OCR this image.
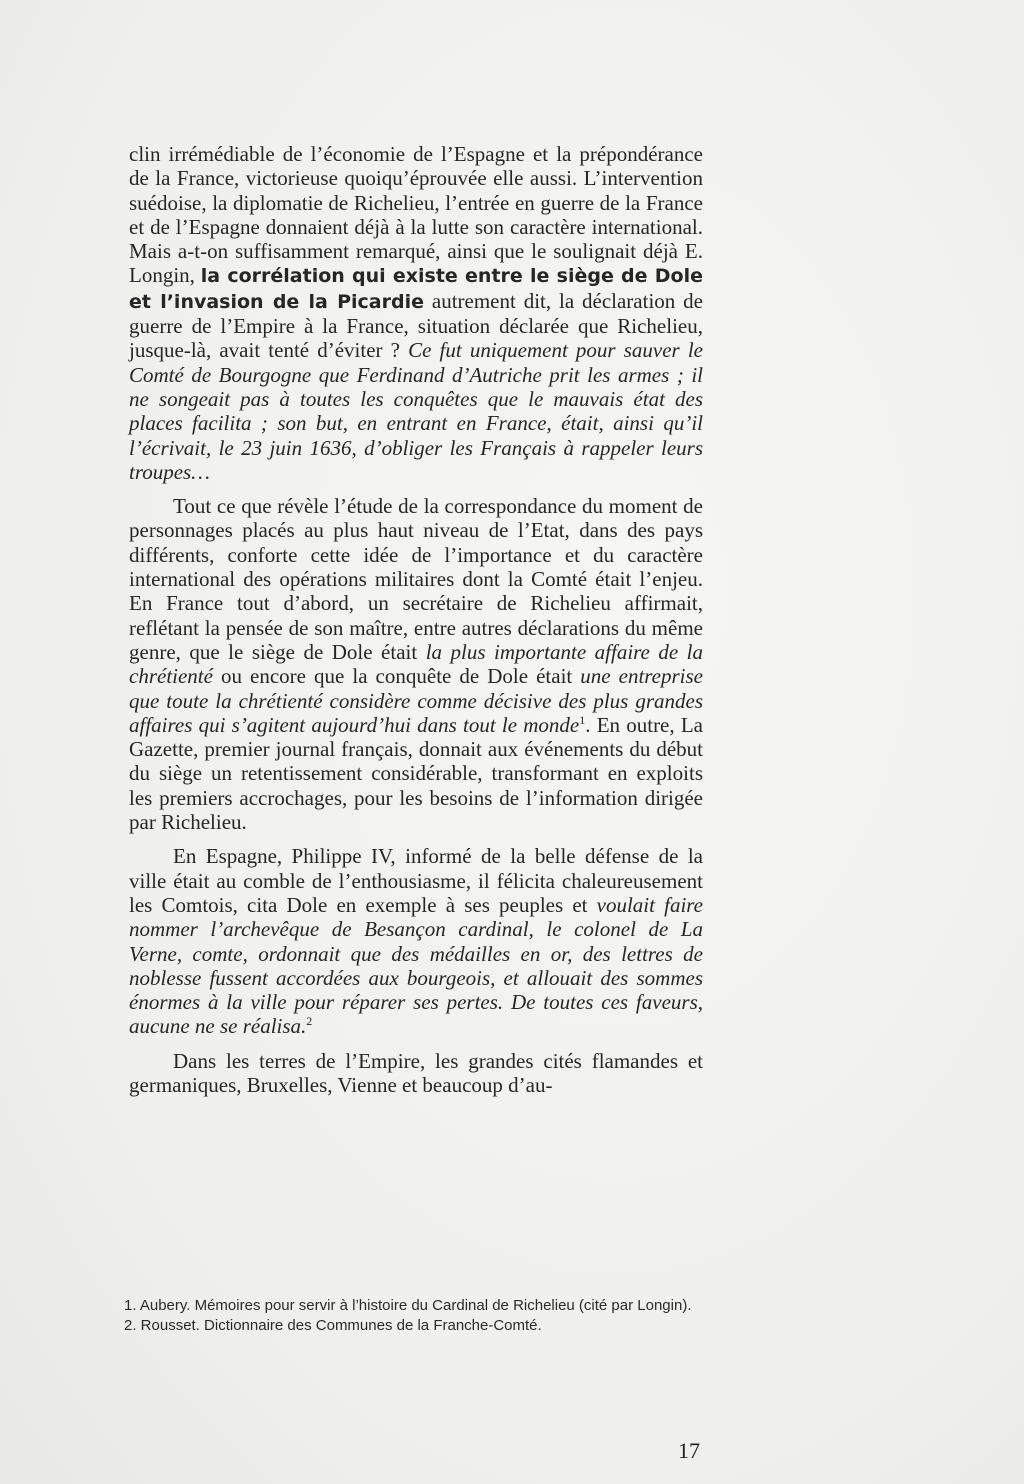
clin irrémédiable de l’économie de l’Espagne et la prépondérance de la France, victorieuse quoiqu’éprouvée elle aussi. L’intervention suédoise, la diplomatie de Richelieu, l’entrée en guerre de la France et de l’Espagne donnaient déjà à la lutte son caractère international. Mais a-t-on suffisamment remarqué, ainsi que le soulignait déjà E. Longin, la corrélation qui existe entre le siège de Dole et l’invasion de la Picardie autrement dit, la déclaration de guerre de l’Empire à la France, situation déclarée que Richelieu, jusque-là, avait tenté d’éviter ? Ce fut uniquement pour sauver le Comté de Bourgogne que Ferdinand d’Autriche prit les armes ; il ne songeait pas à toutes les conquêtes que le mauvais état des places facilita ; son but, en entrant en France, était, ainsi qu’il l’écrivait, le 23 juin 1636, d’obliger les Français à rappeler leurs troupes…

Tout ce que révèle l’étude de la correspondance du moment de personnages placés au plus haut niveau de l’Etat, dans des pays différents, conforte cette idée de l’importance et du caractère international des opérations militaires dont la Comté était l’enjeu. En France tout d’abord, un secrétaire de Richelieu affirmait, reflétant la pensée de son maître, entre autres déclarations du même genre, que le siège de Dole était la plus importante affaire de la chrétienté ou encore que la conquête de Dole était une entreprise que toute la chrétienté considère comme décisive des plus grandes affaires qui s’agitent aujourd’hui dans tout le monde$^1$. En outre, La Gazette, premier journal français, donnait aux événements du début du siège un retentissement considérable, transformant en exploits les premiers accrochages, pour les besoins de l’information dirigée par Richelieu.

En Espagne, Philippe IV, informé de la belle défense de la ville était au comble de l’enthousiasme, il félicita chaleureusement les Comtois, cita Dole en exemple à ses peuples et voulait faire nommer l’archevêque de Besançon cardinal, le colonel de La Verne, comte, ordonnait que des médailles en or, des lettres de noblesse fussent accordées aux bourgeois, et allouait des sommes énormes à la ville pour réparer ses pertes. De toutes ces faveurs, aucune ne se réalisa.$^2$

Dans les terres de l’Empire, les grandes cités flamandes et germaniques, Bruxelles, Vienne et beaucoup d’au-

1. Aubery. Mémoires pour servir à l’histoire du Cardinal de Richelieu (cité par Longin).
2. Rousset. Dictionnaire des Communes de la Franche-Comté.
17
